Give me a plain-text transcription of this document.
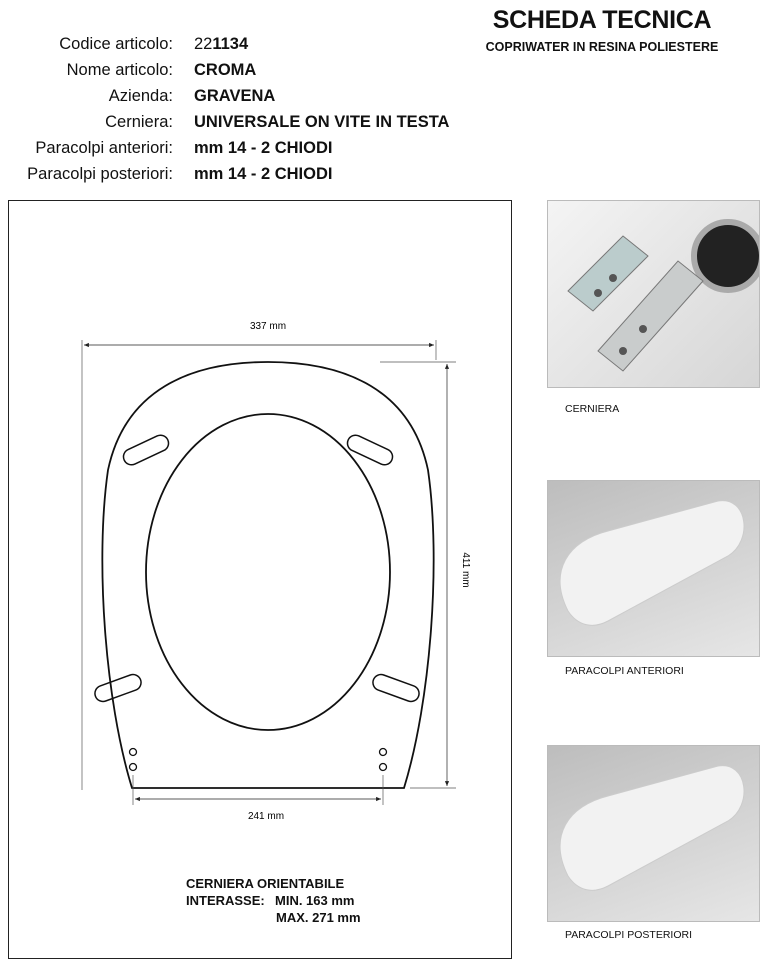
SCHEDA TECNICA
COPRIWATER IN RESINA POLIESTERE
Codice articolo: 221134
Nome articolo: CROMA
Azienda: GRAVENA
Cerniera: UNIVERSALE ON VITE IN TESTA
Paracolpi anteriori: mm 14 - 2 CHIODI
Paracolpi posteriori: mm 14 - 2 CHIODI
337 mm
411 mm
241 mm
CERNIERA ORIENTABILE
INTERASSE: MIN. 163 mm
MAX. 271 mm
CERNIERA
PARACOLPI ANTERIORI
PARACOLPI POSTERIORI
